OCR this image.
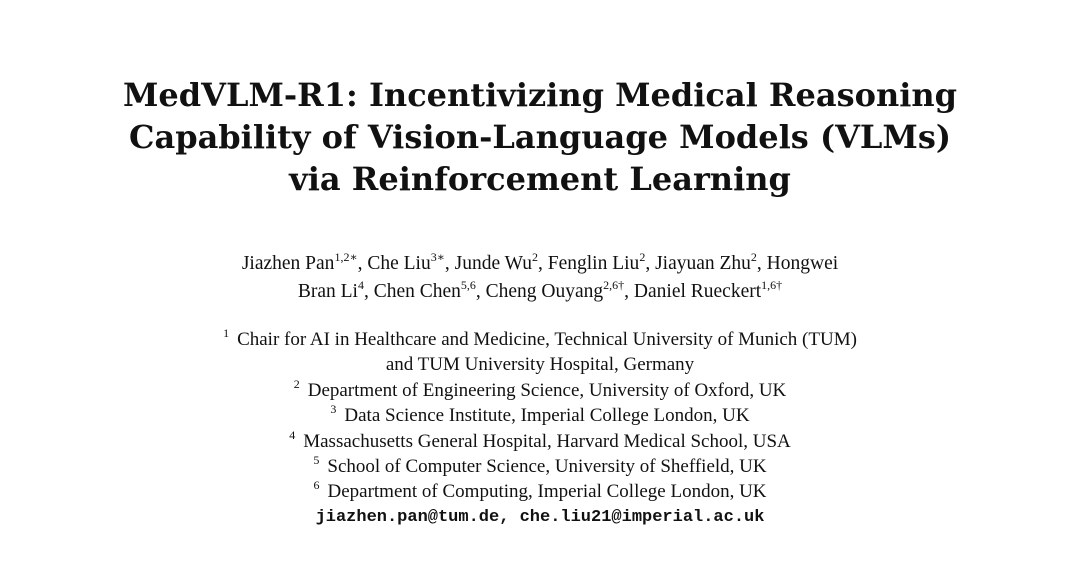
MedVLM-R1: Incentivizing Medical Reasoning
Capability of Vision-Language Models (VLMs)
via Reinforcement Learning
Jiazhen Pan$^{1,2∗}$, Che Liu$^{3∗}$, Junde Wu$^2$, Fenglin Liu$^2$, Jiayuan Zhu$^2$, Hongwei
Bran Li$^4$, Chen Chen$^{5,6}$, Cheng Ouyang$^{2,6\dagger}$, Daniel Rueckert$^{1,6\dagger}$
$^1$ Chair for AI in Healthcare and Medicine, Technical University of Munich (TUM)
and TUM University Hospital, Germany
$^2$ Department of Engineering Science, University of Oxford, UK
$^3$ Data Science Institute, Imperial College London, UK
$^4$ Massachusetts General Hospital, Harvard Medical School, USA
$^5$ School of Computer Science, University of Sheffield, UK
$^6$ Department of Computing, Imperial College London, UK
jiazhen.pan@tum.de, che.liu21@imperial.ac.uk
